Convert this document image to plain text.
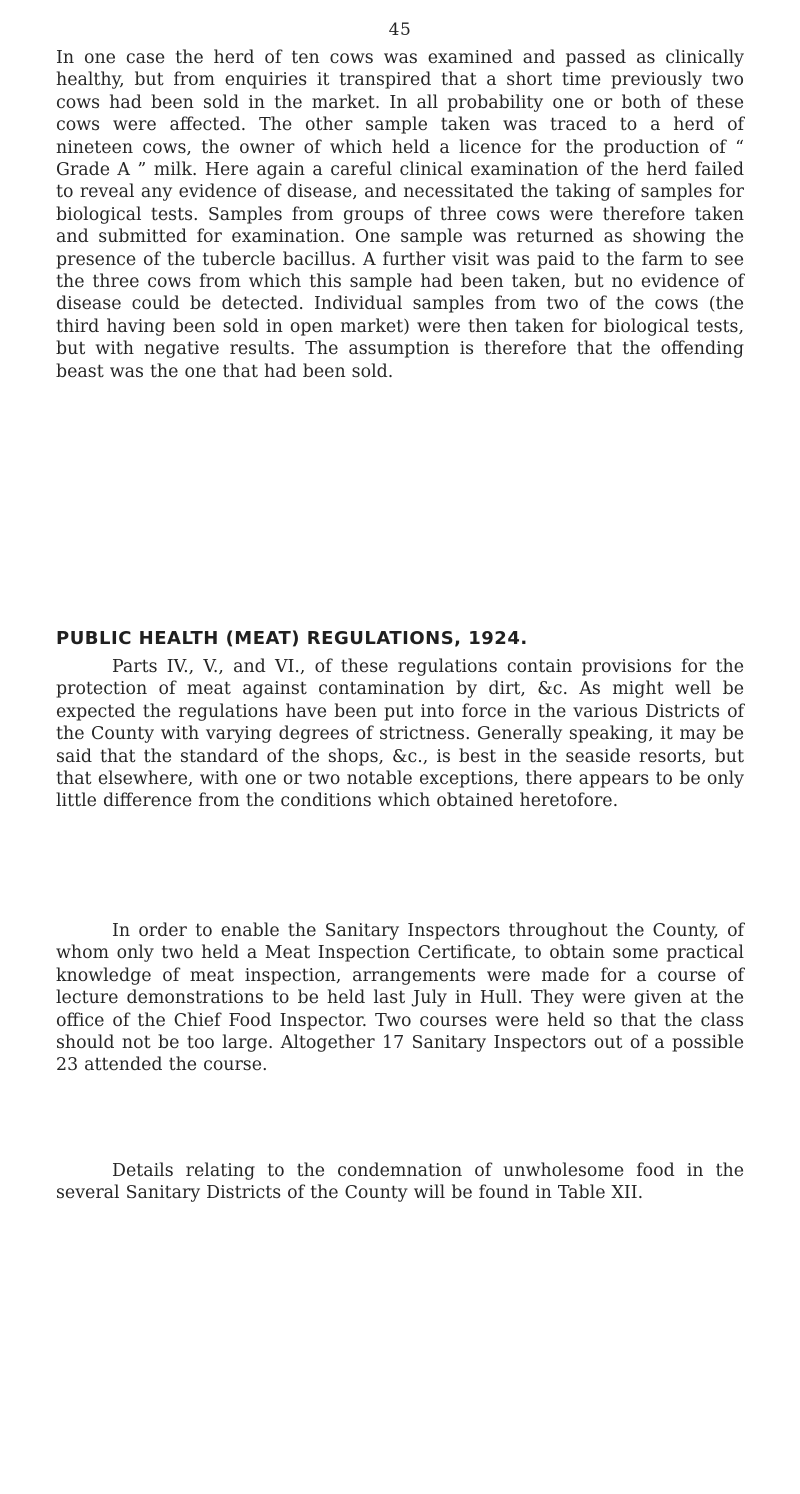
45

In one case the herd of ten cows was examined and passed as clinically healthy, but from enquiries it transpired that a short time previously two cows had been sold in the market. In all probability one or both of these cows were affected. The other sample taken was traced to a herd of nineteen cows, the owner of which held a licence for the production of “ Grade A ” milk. Here again a careful clinical examination of the herd failed to reveal any evidence of disease, and necessitated the taking of samples for biological tests. Samples from groups of three cows were therefore taken and submitted for examination. One sample was returned as showing the presence of the tubercle bacillus. A further visit was paid to the farm to see the three cows from which this sample had been taken, but no evidence of disease could be detected. Individual samples from two of the cows (the third having been sold in open market) were then taken for biological tests, but with negative results. The assumption is therefore that the offending beast was the one that had been sold.

PUBLIC HEALTH (MEAT) REGULATIONS, 1924.

Parts IV., V., and VI., of these regulations contain provisions for the protection of meat against contamination by dirt, &c. As might well be expected the regulations have been put into force in the various Districts of the County with varying degrees of strictness. Generally speaking, it may be said that the standard of the shops, &c., is best in the seaside resorts, but that elsewhere, with one or two notable exceptions, there appears to be only little difference from the conditions which obtained heretofore.

In order to enable the Sanitary Inspectors throughout the County, of whom only two held a Meat Inspection Certificate, to obtain some practical knowledge of meat inspection, arrangements were made for a course of lecture demonstrations to be held last July in Hull. They were given at the office of the Chief Food Inspector. Two courses were held so that the class should not be too large. Altogether 17 Sanitary Inspectors out of a possible 23 attended the course.

Details relating to the condemnation of unwholesome food in the several Sanitary Districts of the County will be found in Table XII.
